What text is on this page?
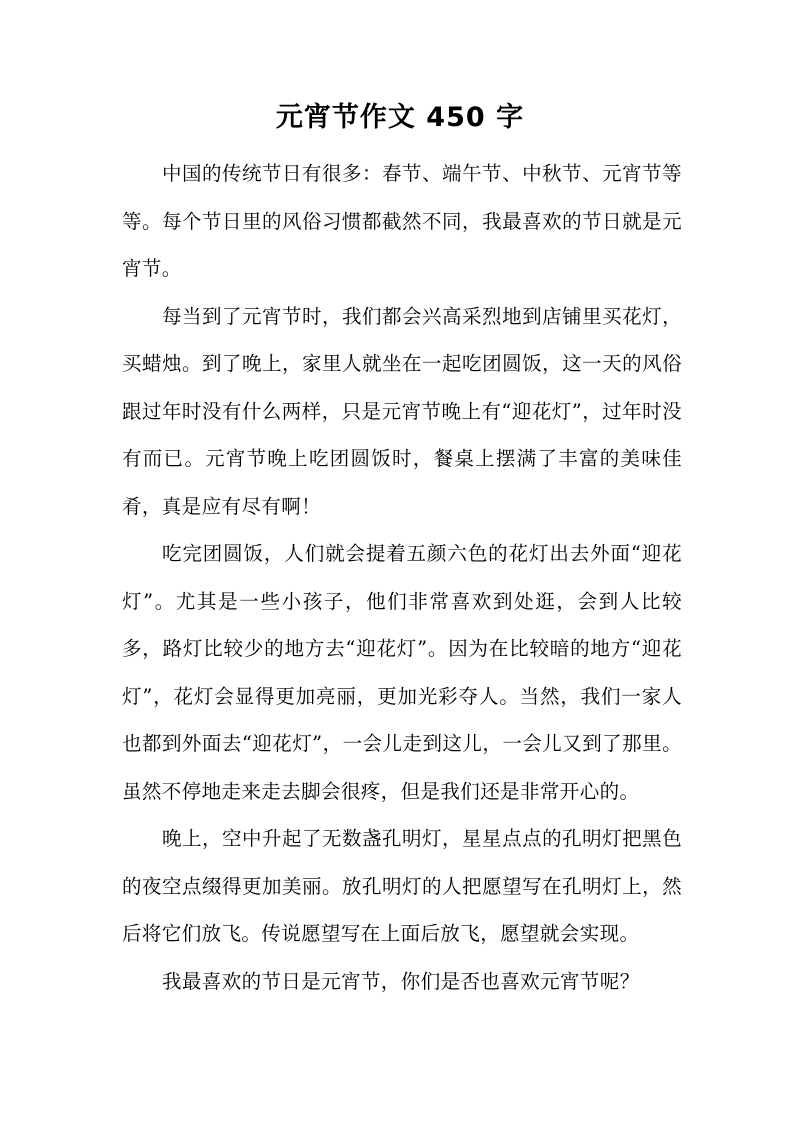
元宵节作文 450 字

中国的传统节日有很多：春节、端午节、中秋节、元宵节等等。每个节日里的风俗习惯都截然不同，我最喜欢的节日就是元宵节。

每当到了元宵节时，我们都会兴高采烈地到店铺里买花灯，买蜡烛。到了晚上，家里人就坐在一起吃团圆饭，这一天的风俗跟过年时没有什么两样，只是元宵节晚上有“迎花灯”，过年时没有而已。元宵节晚上吃团圆饭时，餐桌上摆满了丰富的美味佳肴，真是应有尽有啊！

吃完团圆饭，人们就会提着五颜六色的花灯出去外面“迎花灯”。尤其是一些小孩子，他们非常喜欢到处逛，会到人比较多，路灯比较少的地方去“迎花灯”。因为在比较暗的地方“迎花灯”，花灯会显得更加亮丽，更加光彩夺人。当然，我们一家人也都到外面去“迎花灯”，一会儿走到这儿，一会儿又到了那里。虽然不停地走来走去脚会很疼，但是我们还是非常开心的。

晚上，空中升起了无数盏孔明灯，星星点点的孔明灯把黑色的夜空点缀得更加美丽。放孔明灯的人把愿望写在孔明灯上，然后将它们放飞。传说愿望写在上面后放飞，愿望就会实现。

我最喜欢的节日是元宵节，你们是否也喜欢元宵节呢？
